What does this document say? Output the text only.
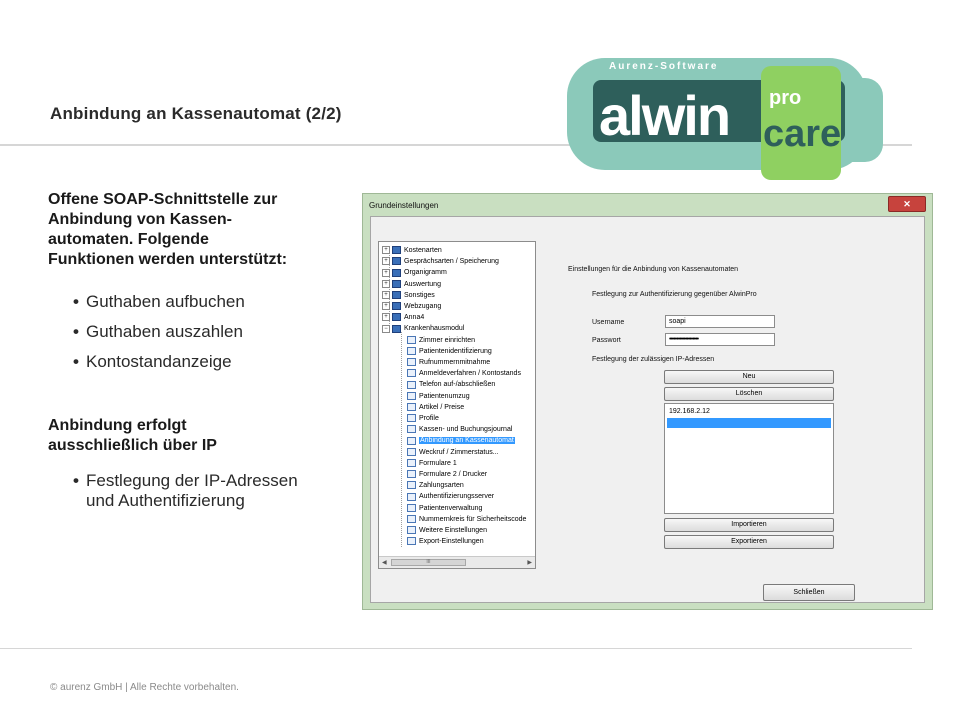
Anbindung an Kassenautomat (2/2)
Aurenz-Software
alwin pro
care
Offene SOAP-Schnittstelle zur
Anbindung von Kassen-
automaten. Folgende
Funktionen werden unterstützt:
• Guthaben aufbuchen
• Guthaben auszahlen
• Kontostandanzeige
Anbindung erfolgt
ausschließlich über IP
• Festlegung der IP-Adressen
und Authentifizierung
Grundeinstellungen	✕
+ Kostenarten
+ Gesprächsarten / Speicherung
+ Organigramm
+ Auswertung
+ Sonstiges
+ Webzugang
+ Anna4
− Krankenhausmodul
Zimmer einrichten
Patientenidentifizierung
Rufnummernmitnahme
Anmeldeverfahren / Kontostands
Telefon auf-/abschließen
Patientenumzug
Artikel / Preise
Profile
Kassen- und Buchungsjournal
Anbindung an Kassenautomat
Weckruf / Zimmerstatus...
Formulare 1
Formulare 2 / Drucker
Zahlungsarten
Authentifizierungsserver
Patientenverwaltung
Nummernkreis für Sicherheitscode
Weitere Einstellungen
Export-Einstellungen
◀	III	▶
Einstellungen für die Anbindung von Kassenautomaten
Festlegung zur Authentifizierung gegenüber AlwinPro
Username	soapi
Passwort	••••••••••••••••••••
Festlegung der zulässigen IP-Adressen
Neu
Löschen
192.168.2.12
Importieren
Exportieren
Schließen
© aurenz GmbH | Alle Rechte vorbehalten.
